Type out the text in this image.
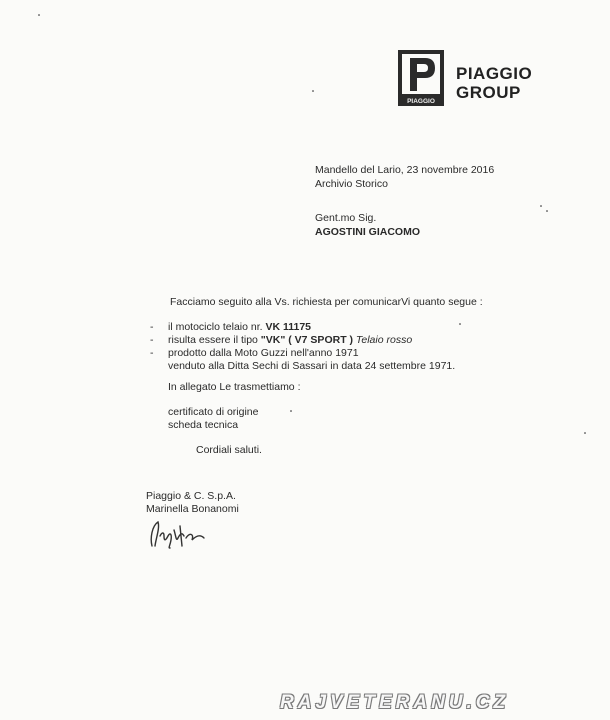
PIAGGIO
PIAGGIO
GROUP
Mandello del Lario, 23 novembre 2016
Archivio Storico
Gent.mo Sig.
AGOSTINI GIACOMO
Facciamo seguito alla Vs. richiesta per comunicarVi quanto segue :
-	il motociclo telaio nr. VK 11175
-	risulta essere il tipo "VK" ( V7 SPORT ) Telaio rosso
-	prodotto dalla Moto Guzzi nell'anno 1971
venduto alla Ditta Sechi di Sassari in data 24 settembre 1971.
In allegato Le trasmettiamo :
certificato di origine
scheda tecnica
Cordiali saluti.
Piaggio & C. S.p.A.
Marinella Bonanomi
RAJVETERANU.CZ
